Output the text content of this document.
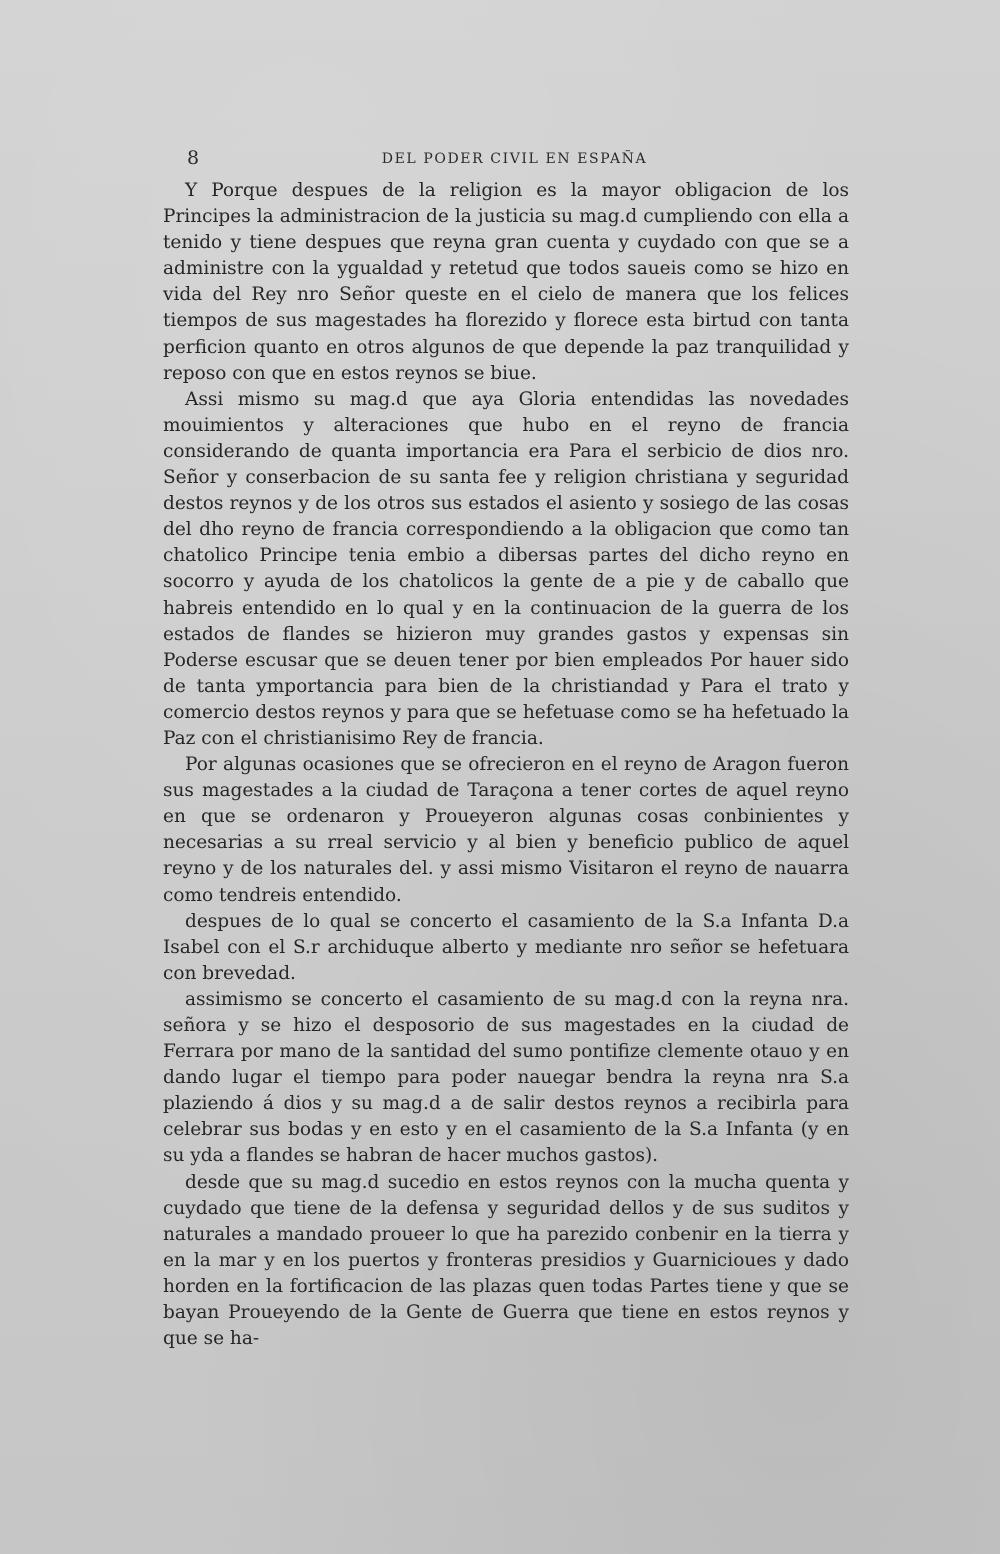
8	DEL PODER CIVIL EN ESPAÑA

Y Porque despues de la religion es la mayor obligacion de los Principes la administracion de la justicia su mag.d cumpliendo con ella a tenido y tiene despues que reyna gran cuenta y cuydado con que se a administre con la ygualdad y retetud que todos saueis como se hizo en vida del Rey nro Señor queste en el cielo de manera que los felices tiempos de sus magestades ha florezido y florece esta birtud con tanta perficion quanto en otros algunos de que depende la paz tranquilidad y reposo con que en estos reynos se biue.

Assi mismo su mag.d que aya Gloria entendidas las novedades mouimientos y alteraciones que hubo en el reyno de francia considerando de quanta importancia era Para el serbicio de dios nro. Señor y conserbacion de su santa fee y religion christiana y seguridad destos reynos y de los otros sus estados el asiento y sosiego de las cosas del dho reyno de francia correspondiendo a la obligacion que como tan chatolico Principe tenia embio a dibersas partes del dicho reyno en socorro y ayuda de los chatolicos la gente de a pie y de caballo que habreis entendido en lo qual y en la continuacion de la guerra de los estados de flandes se hizieron muy grandes gastos y expensas sin Poderse escusar que se deuen tener por bien empleados Por hauer sido de tanta ymportancia para bien de la christiandad y Para el trato y comercio destos reynos y para que se hefetuase como se ha hefetuado la Paz con el christianisimo Rey de francia.

Por algunas ocasiones que se ofrecieron en el reyno de Aragon fueron sus magestades a la ciudad de Taraçona a tener cortes de aquel reyno en que se ordenaron y Proueyeron algunas cosas conbinientes y necesarias a su rreal servicio y al bien y beneficio publico de aquel reyno y de los naturales del. y assi mismo Visitaron el reyno de nauarra como tendreis entendido.

despues de lo qual se concerto el casamiento de la S.a Infanta D.a Isabel con el S.r archiduque alberto y mediante nro señor se hefetuara con brevedad.

assimismo se concerto el casamiento de su mag.d con la reyna nra. señora y se hizo el desposorio de sus magestades en la ciudad de Ferrara por mano de la santidad del sumo pontifize clemente otauo y en dando lugar el tiempo para poder nauegar bendra la reyna nra S.a plaziendo á dios y su mag.d a de salir destos reynos a recibirla para celebrar sus bodas y en esto y en el casamiento de la S.a Infanta (y en su yda a flandes se habran de hacer muchos gastos).

desde que su mag.d sucedio en estos reynos con la mucha quenta y cuydado que tiene de la defensa y seguridad dellos y de sus suditos y naturales a mandado proueer lo que ha parezido conbenir en la tierra y en la mar y en los puertos y fronteras presidios y Guarnicioues y dado horden en la fortificacion de las plazas quen todas Partes tiene y que se bayan Proueyendo de la Gente de Guerra que tiene en estos reynos y que se ha-
